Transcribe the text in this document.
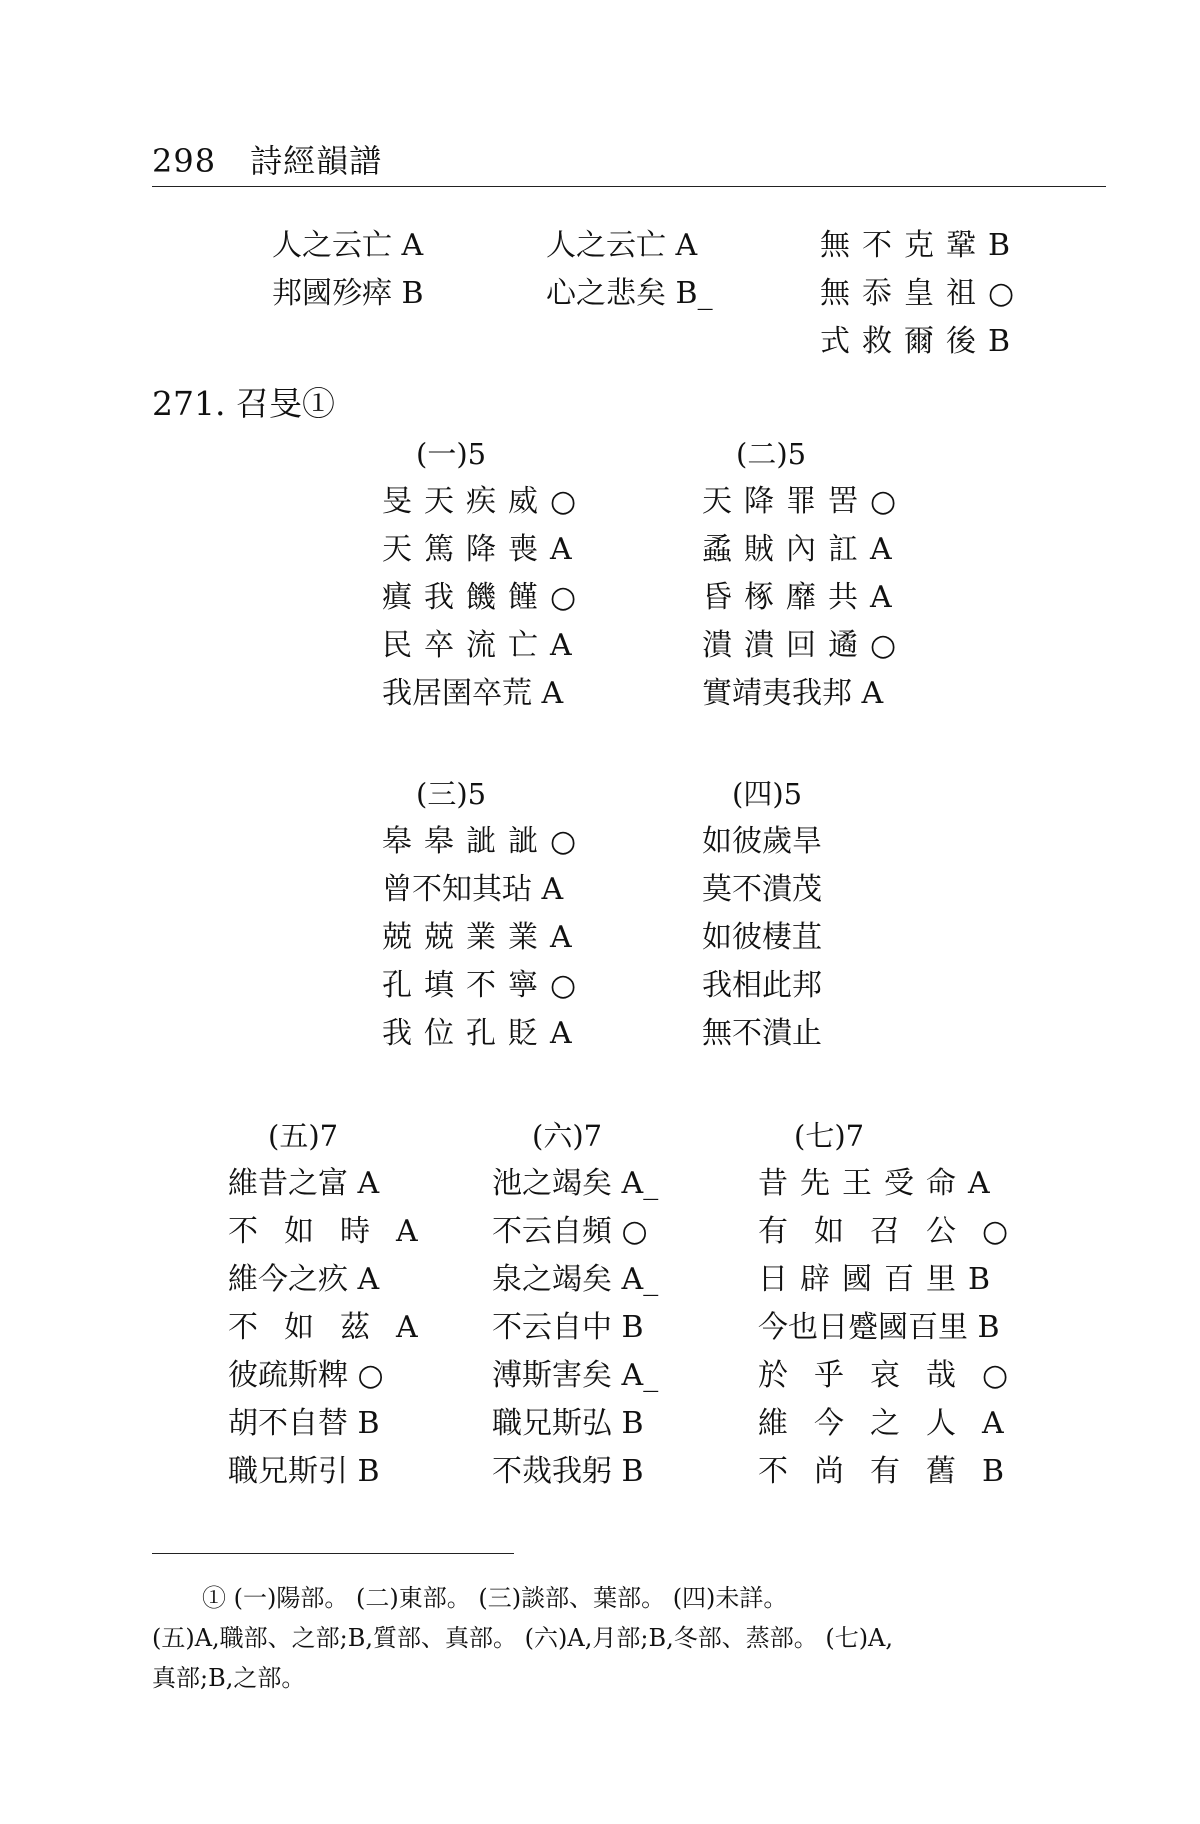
298 詩經韻譜
人之云亡 A
邦國殄瘁 B
人之云亡 A
心之悲矣 B_
無不克鞏B
無忝皇祖○
式救爾後B
271. 召旻①
(一)5
旻天疾威○
天篤降喪A
瘨我饑饉○
民卒流亡A
我居圉卒荒 A
(二)5
天降罪罟○
蟊賊內訌A
昏椓靡共A
潰潰回遹○
實靖夷我邦 A
(三)5
皋皋訿訿○
曾不知其玷 A
兢兢業業A
孔填不寧○
我位孔貶A
(四)5
如彼歲旱
莫不潰茂
如彼棲苴
我相此邦
無不潰止
(五)7
維昔之富 A
不如時A
維今之疚 A
不如茲A
彼疏斯粺 ○
胡不自替 B
職兄斯引 B
(六)7
池之竭矣 A_
不云自頻 ○
泉之竭矣 A_
不云自中 B
溥斯害矣 A_
職兄斯弘 B
不烖我躬 B
(七)7
昔先王受命A
有如召公○
日辟國百里B
今也日蹙國百里 B
於乎哀哉○
維今之人A
不尚有舊B

① (一)陽部。 (二)東部。 (三)談部、葉部。 (四)未詳。

(五)A,職部、之部;B,質部、真部。 (六)A,月部;B,冬部、蒸部。 (七)A,

真部;B,之部。
